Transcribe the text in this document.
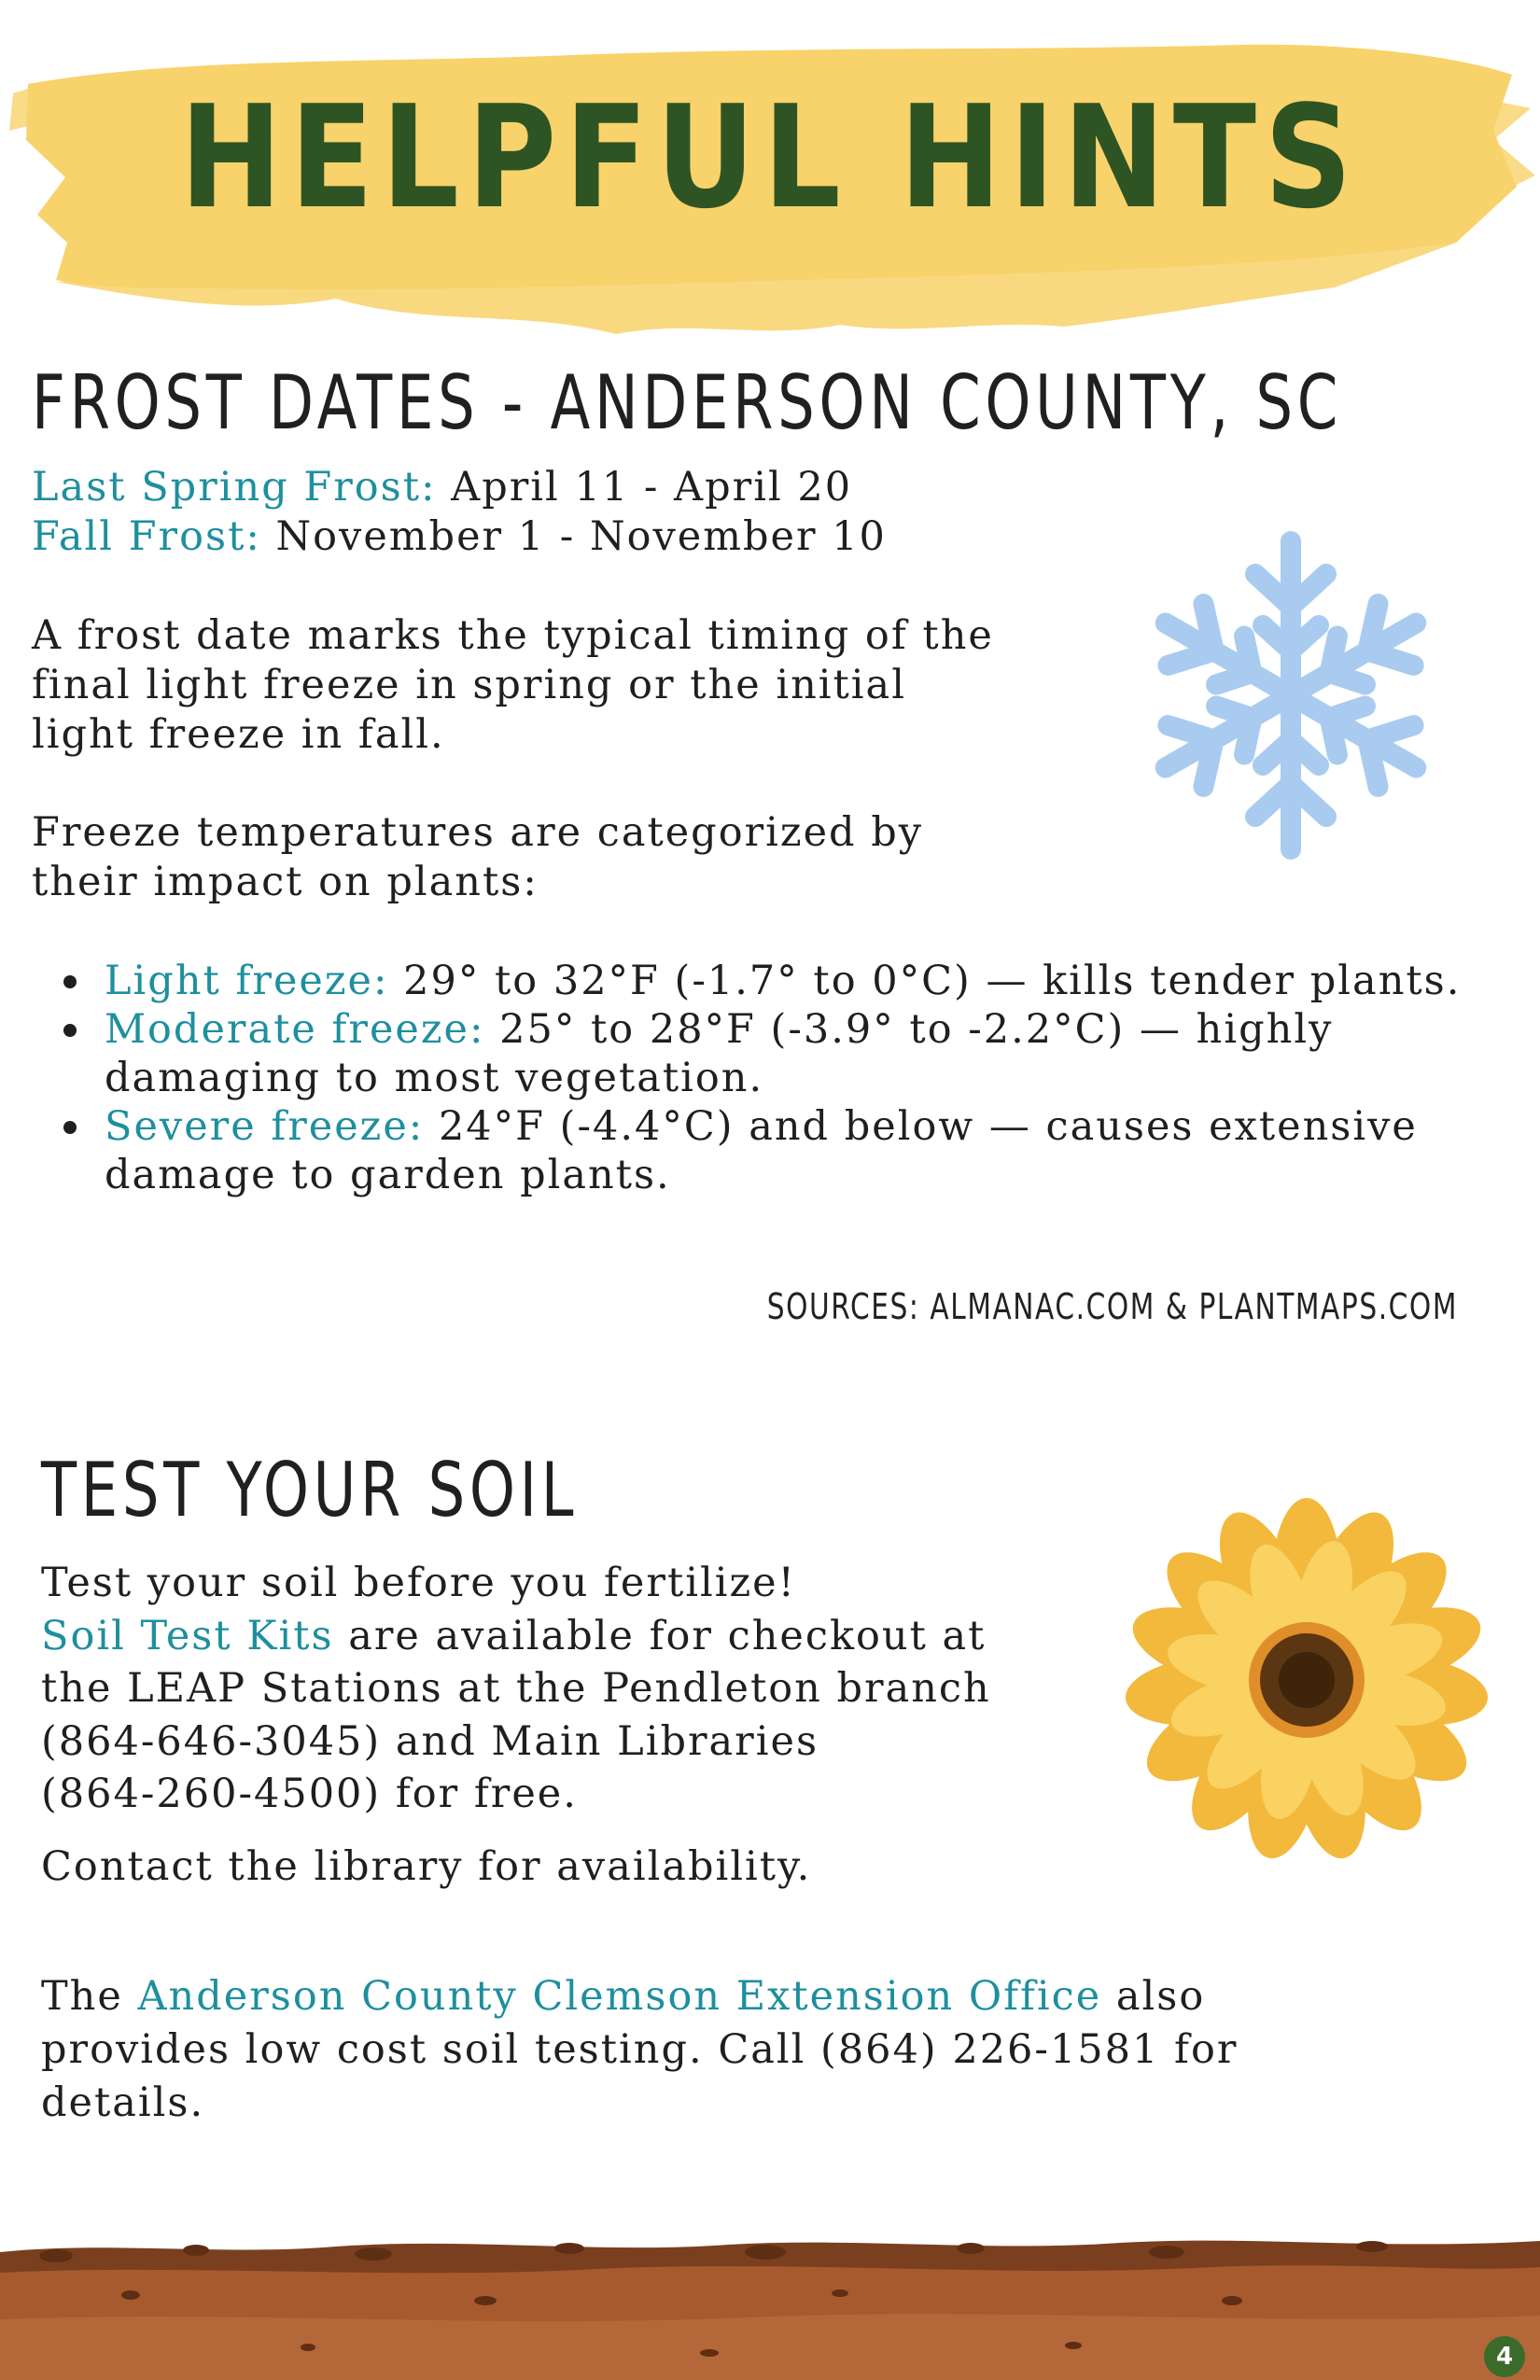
HELPFUL HINTS
FROST DATES - ANDERSON COUNTY, SC

Last Spring Frost: April 11 - April 20

Fall Frost: November 1 - November 10

A frost date marks the typical timing of the final light freeze in spring or the initial light freeze in fall.

Freeze temperatures are categorized by their impact on plants:

Light freeze: 29° to 32°F (-1.7° to 0°C) — kills tender plants.
Moderate freeze: 25° to 28°F (-3.9° to -2.2°C) — highly damaging to most vegetation.
Severe freeze: 24°F (-4.4°C) and below — causes extensive damage to garden plants.

SOURCES: ALMANAC.COM & PLANTMAPS.COM

TEST YOUR SOIL

Test your soil before you fertilize!

Soil Test Kits are available for checkout at

the LEAP Stations at the Pendleton branch

(864-646-3045) and Main Libraries

(864-260-4500) for free.

Contact the library for availability.

The Anderson County Clemson Extension Office also

provides low cost soil testing. Call (864) 226-1581 for

details.

4
